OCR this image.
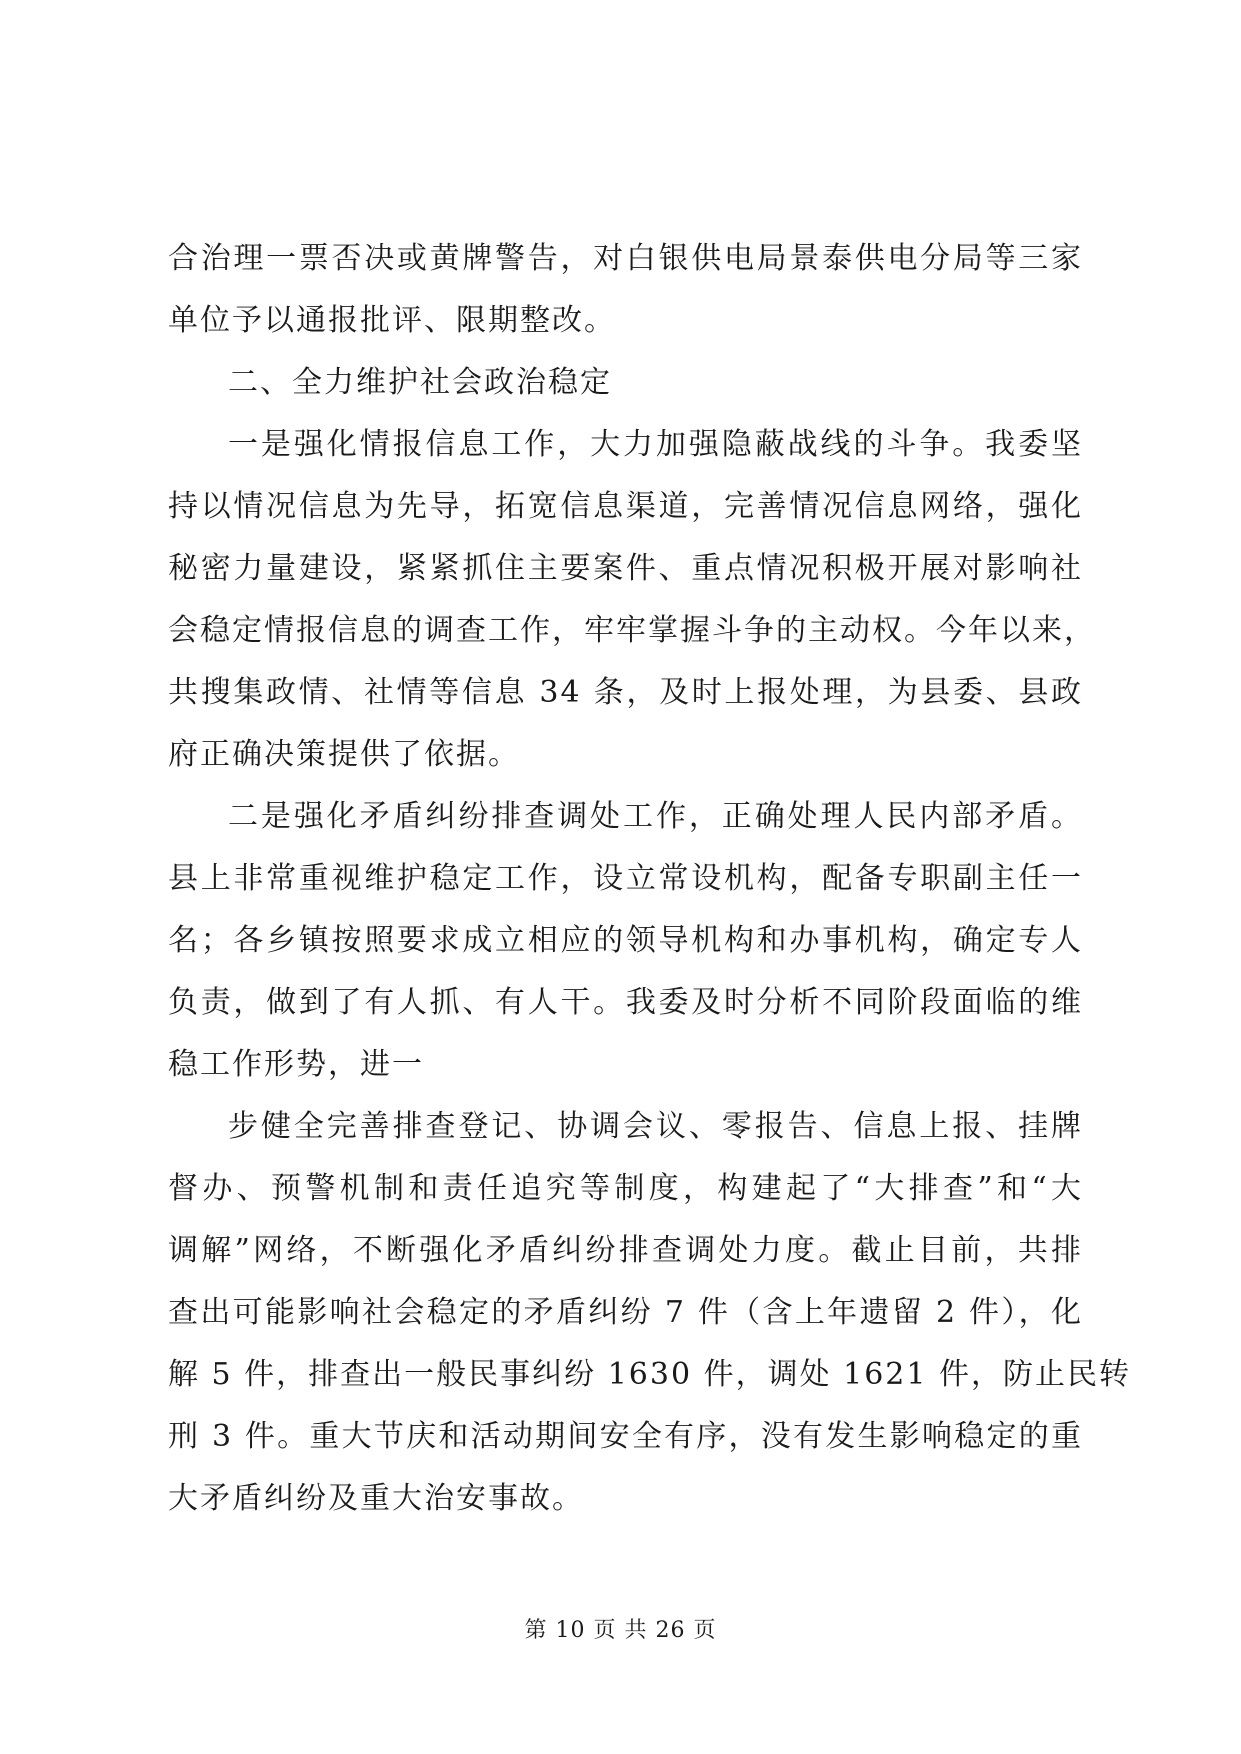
合治理一票否决或黄牌警告，对白银供电局景泰供电分局等三家
单位予以通报批评、限期整改。
二、全力维护社会政治稳定
一是强化情报信息工作，大力加强隐蔽战线的斗争。我委坚
持以情况信息为先导，拓宽信息渠道，完善情况信息网络，强化
秘密力量建设，紧紧抓住主要案件、重点情况积极开展对影响社
会稳定情报信息的调查工作，牢牢掌握斗争的主动权。今年以来，
共搜集政情、社情等信息 34 条，及时上报处理，为县委、县政
府正确决策提供了依据。
二是强化矛盾纠纷排查调处工作，正确处理人民内部矛盾。
县上非常重视维护稳定工作，设立常设机构，配备专职副主任一
名；各乡镇按照要求成立相应的领导机构和办事机构，确定专人
负责，做到了有人抓、有人干。我委及时分析不同阶段面临的维
稳工作形势，进一
步健全完善排查登记、协调会议、零报告、信息上报、挂牌
督办、预警机制和责任追究等制度，构建起了“大排查”和“大
调解”网络，不断强化矛盾纠纷排查调处力度。截止目前，共排
查出可能影响社会稳定的矛盾纠纷 7 件（含上年遗留 2 件），化
解 5 件，排查出一般民事纠纷 1630 件，调处 1621 件，防止民转
刑 3 件。重大节庆和活动期间安全有序，没有发生影响稳定的重
大矛盾纠纷及重大治安事故。
第 10 页 共 26 页
